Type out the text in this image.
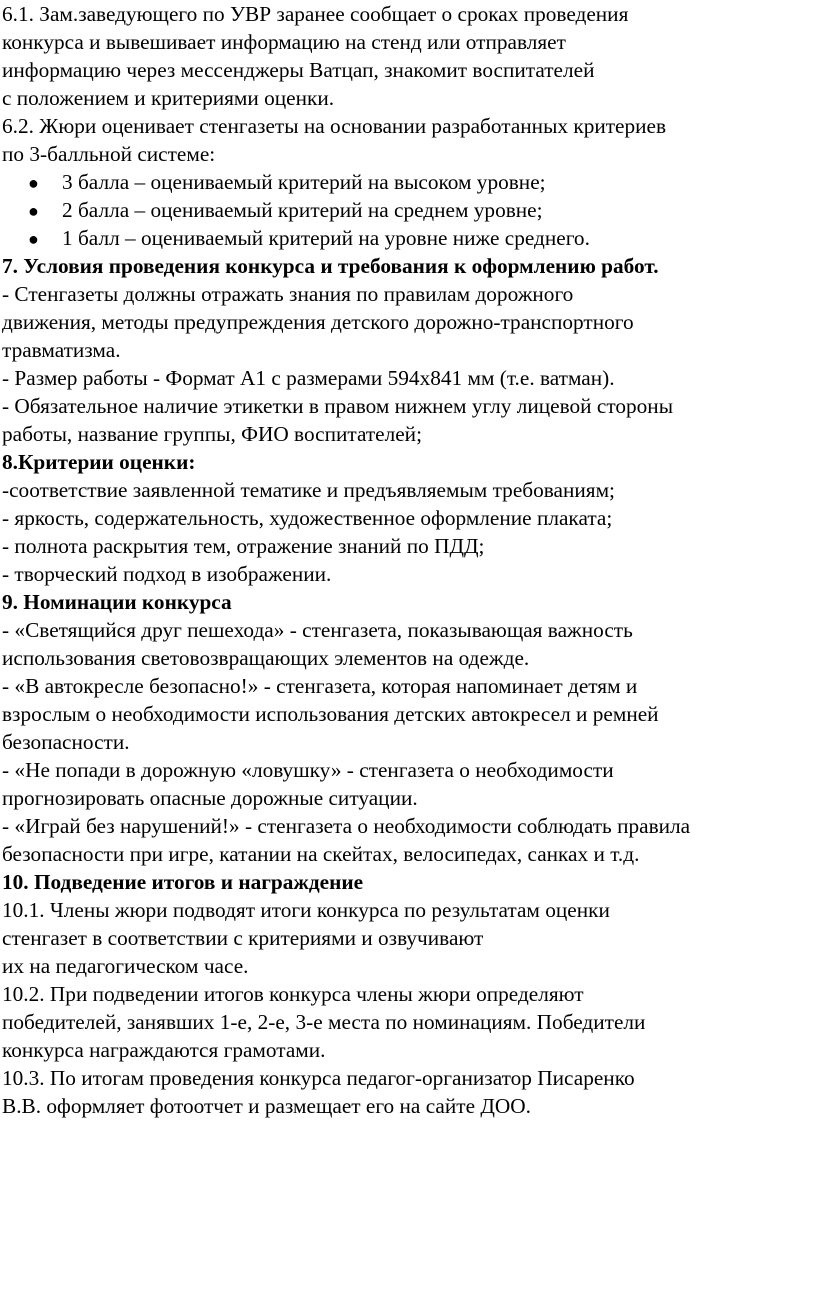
6.1. Зам.заведующего по УВР заранее сообщает о сроках проведения
конкурса и вывешивает информацию на стенд или отправляет
информацию через мессенджеры Ватцап, знакомит воспитателей
с положением и критериями оценки.
6.2. Жюри оценивает стенгазеты на основании разработанных критериев
по 3-балльной системе:
● 3 балла – оцениваемый критерий на высоком уровне;
● 2 балла – оцениваемый критерий на среднем уровне;
● 1 балл – оцениваемый критерий на уровне ниже среднего.
7. Условия проведения конкурса и требования к оформлению работ.
- Стенгазеты должны отражать знания по правилам дорожного
движения, методы предупреждения детского дорожно-транспортного
травматизма.
- Размер работы - Формат А1 с размерами 594х841 мм (т.е. ватман).
- Обязательное наличие этикетки в правом нижнем углу лицевой стороны
работы, название группы, ФИО воспитателей;
8.Критерии оценки:
-соответствие заявленной тематике и предъявляемым требованиям;
- яркость, содержательность, художественное оформление плаката;
- полнота раскрытия тем, отражение знаний по ПДД;
- творческий подход в изображении.
9. Номинации конкурса
- «Светящийся друг пешехода» - стенгазета, показывающая важность
использования световозвращающих элементов на одежде.
- «В автокресле безопасно!» - стенгазета, которая напоминает детям и
взрослым о необходимости использования детских автокресел и ремней
безопасности.
- «Не попади в дорожную «ловушку» - стенгазета о необходимости
прогнозировать опасные дорожные ситуации.
- «Играй без нарушений!» - стенгазета о необходимости соблюдать правила
безопасности при игре, катании на скейтах, велосипедах, санках и т.д.
10. Подведение итогов и награждение
10.1. Члены жюри подводят итоги конкурса по результатам оценки
стенгазет в соответствии с критериями и озвучивают
их на педагогическом часе.
10.2. При подведении итогов конкурса члены жюри определяют
победителей, занявших 1-е, 2-е, 3-е места по номинациям. Победители
конкурса награждаются грамотами.
10.3. По итогам проведения конкурса педагог-организатор Писаренко
В.В. оформляет фотоотчет и размещает его на сайте ДОО.
